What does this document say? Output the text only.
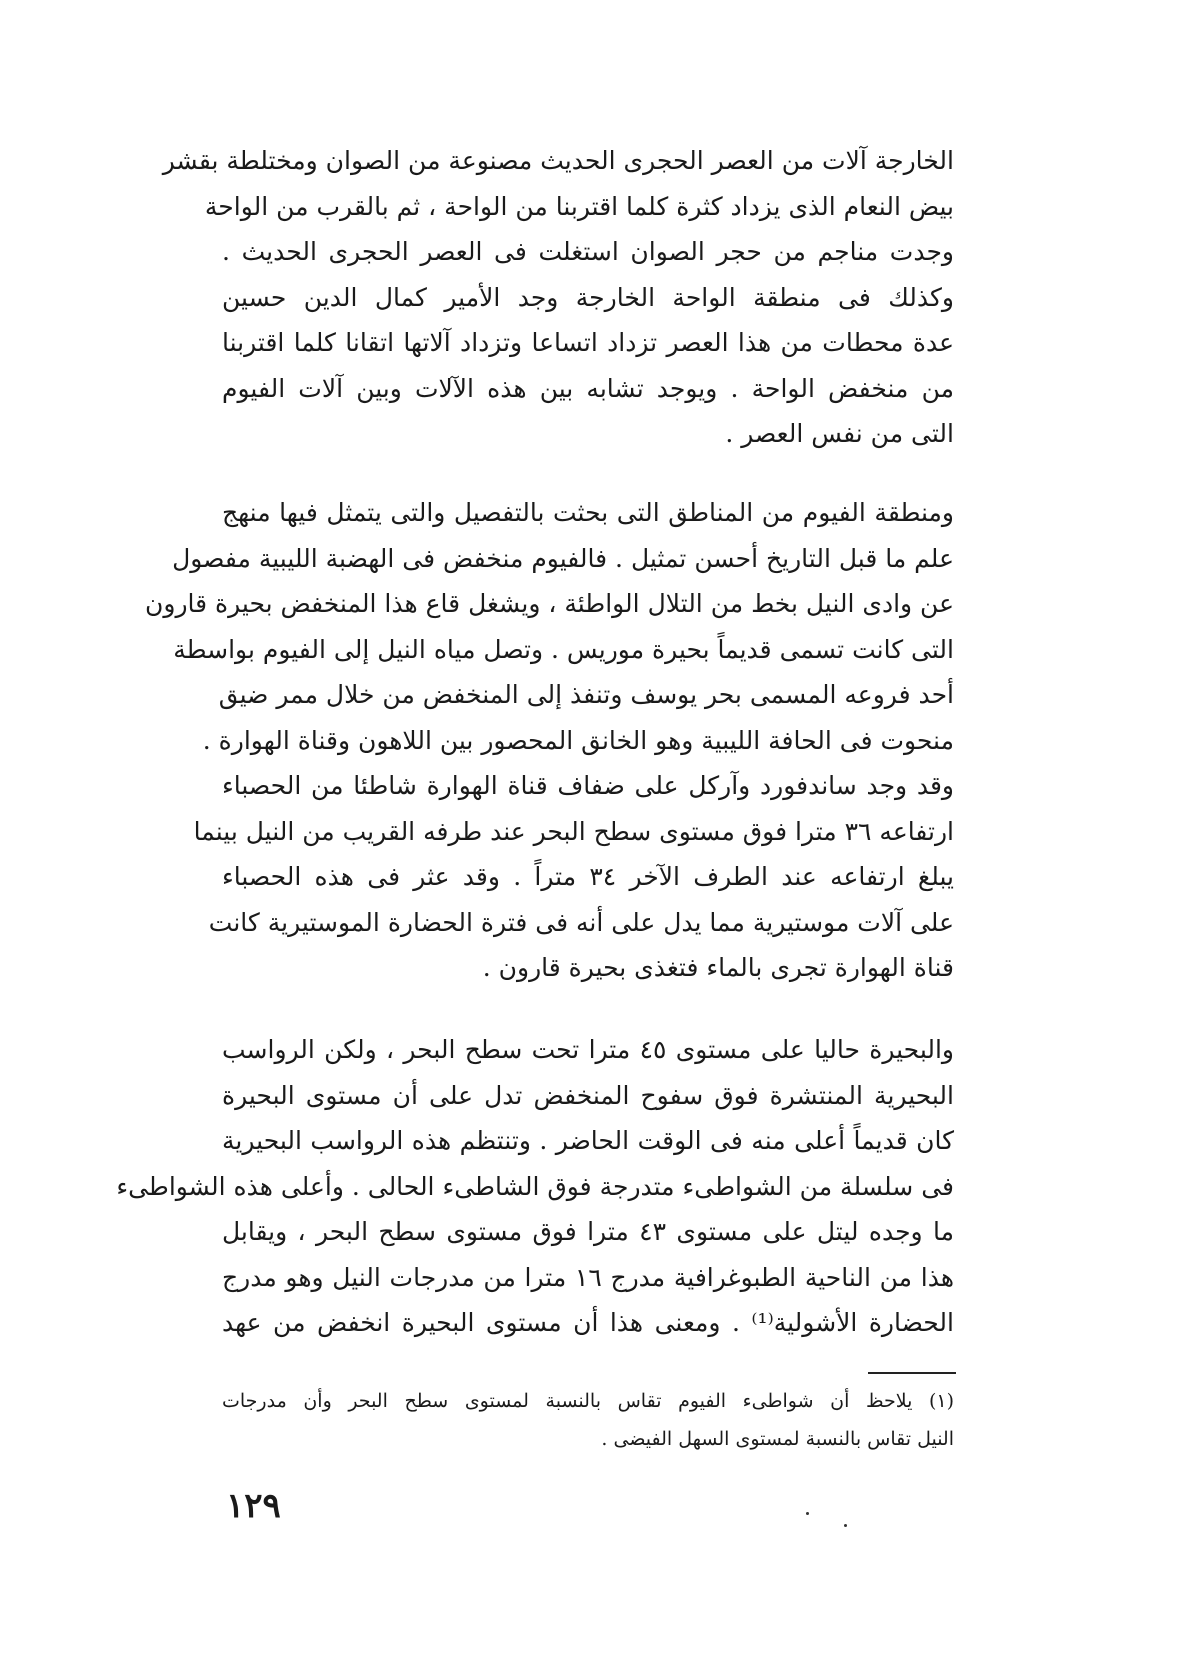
الخارجة آلات من العصر الحجرى الحديث مصنوعة من الصوان ومختلطة بقشر
بيض النعام الذى يزداد كثرة كلما اقتربنا من الواحة ، ثم بالقرب من الواحة
وجدت مناجم من حجر الصوان استغلت فى العصر الحجرى الحديث .
وكذلك فى منطقة الواحة الخارجة وجد الأمير كمال الدين حسين
عدة محطات من هذا العصر تزداد اتساعا وتزداد آلاتها اتقانا كلما اقتربنا
من منخفض الواحة . ويوجد تشابه بين هذه الآلات وبين آلات الفيوم
التى من نفس العصر .
ومنطقة الفيوم من المناطق التى بحثت بالتفصيل والتى يتمثل فيها منهج
علم ما قبل التاريخ أحسن تمثيل . فالفيوم منخفض فى الهضبة الليبية مفصول
عن وادى النيل بخط من التلال الواطئة ، ويشغل قاع هذا المنخفض بحيرة قارون
التى كانت تسمى قديماً بحيرة موريس . وتصل مياه النيل إلى الفيوم بواسطة
أحد فروعه المسمى بحر يوسف وتنفذ إلى المنخفض من خلال ممر ضيق
منحوت فى الحافة الليبية وهو الخانق المحصور بين اللاهون وقناة الهوارة .
وقد وجد ساندفورد وآركل على ضفاف قناة الهوارة شاطئا من الحصباء
ارتفاعه ٣٦ مترا فوق مستوى سطح البحر عند طرفه القريب من النيل بينما
يبلغ ارتفاعه عند الطرف الآخر ٣٤ متراً . وقد عثر فى هذه الحصباء
على آلات موستيرية مما يدل على أنه فى فترة الحضارة الموستيرية كانت
قناة الهوارة تجرى بالماء فتغذى بحيرة قارون .
والبحيرة حاليا على مستوى ٤٥ مترا تحت سطح البحر ، ولكن الرواسب
البحيرية المنتشرة فوق سفوح المنخفض تدل على أن مستوى البحيرة
كان قديماً أعلى منه فى الوقت الحاضر . وتنتظم هذه الرواسب البحيرية
فى سلسلة من الشواطىء متدرجة فوق الشاطىء الحالى . وأعلى هذه الشواطىء
ما وجده ليتل على مستوى ٤٣ مترا فوق مستوى سطح البحر ، ويقابل
هذا من الناحية الطبوغرافية مدرج ١٦ مترا من مدرجات النيل وهو مدرج
الحضارة الأشولية⁽¹⁾ . ومعنى هذا أن مستوى البحيرة انخفض من عهد
(١) يلاحظ أن شواطىء الفيوم تقاس بالنسبة لمستوى سطح البحر وأن مدرجات
النيل تقاس بالنسبة لمستوى السهل الفيضى .
١٢٩
